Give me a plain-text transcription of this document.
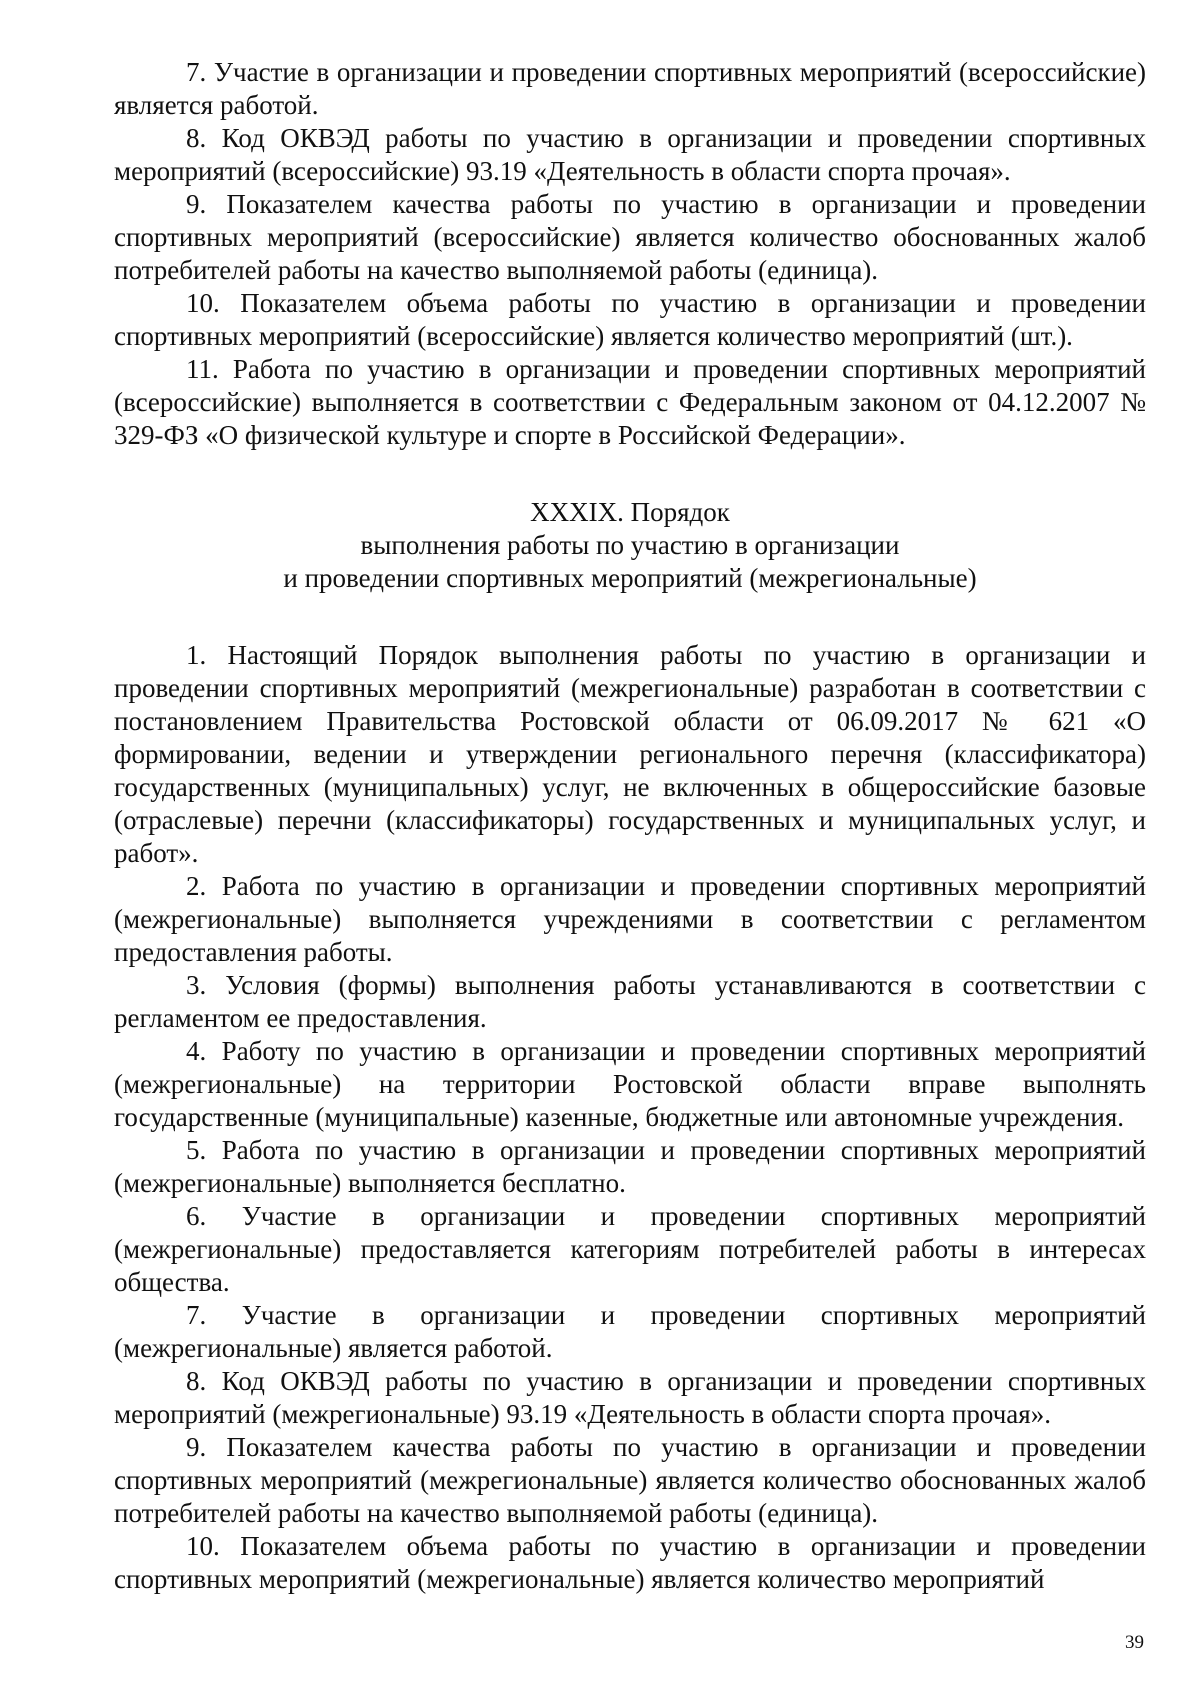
7. Участие в организации и проведении спортивных мероприятий (всероссийские) является работой.

8. Код ОКВЭД работы по участию в организации и проведении спортивных мероприятий (всероссийские) 93.19 «Деятельность в области спорта прочая».

9. Показателем качества работы по участию в организации и проведении спортивных мероприятий (всероссийские) является количество обоснованных жалоб потребителей работы на качество выполняемой работы (единица).

10. Показателем объема работы по участию в организации и проведении спортивных мероприятий (всероссийские) является количество мероприятий (шт.).

11. Работа по участию в организации и проведении спортивных мероприятий (всероссийские) выполняется в соответствии с Федеральным законом от 04.12.2007 № 329-ФЗ «О физической культуре и спорте в Российской Федерации».

XXXIX. Порядок
выполнения работы по участию в организации
и проведении спортивных мероприятий (межрегиональные)

1. Настоящий Порядок выполнения работы по участию в организации и проведении спортивных мероприятий (межрегиональные) разработан в соответствии с постановлением Правительства Ростовской области от 06.09.2017 № 621 «О формировании, ведении и утверждении регионального перечня (классификатора) государственных (муниципальных) услуг, не включенных в общероссийские базовые (отраслевые) перечни (классификаторы) государственных и муниципальных услуг, и работ».

2. Работа по участию в организации и проведении спортивных мероприятий (межрегиональные) выполняется учреждениями в соответствии с регламентом предоставления работы.

3. Условия (формы) выполнения работы устанавливаются в соответствии с регламентом ее предоставления.

4. Работу по участию в организации и проведении спортивных мероприятий (межрегиональные) на территории Ростовской области вправе выполнять государственные (муниципальные) казенные, бюджетные или автономные учреждения.

5. Работа по участию в организации и проведении спортивных мероприятий (межрегиональные) выполняется бесплатно.

6. Участие в организации и проведении спортивных мероприятий (межрегиональные) предоставляется категориям потребителей работы в интересах общества.

7. Участие в организации и проведении спортивных мероприятий (межрегиональные) является работой.

8. Код ОКВЭД работы по участию в организации и проведении спортивных мероприятий (межрегиональные) 93.19 «Деятельность в области спорта прочая».

9. Показателем качества работы по участию в организации и проведении спортивных мероприятий (межрегиональные) является количество обоснованных жалоб потребителей работы на качество выполняемой работы (единица).

10. Показателем объема работы по участию в организации и проведении спортивных мероприятий (межрегиональные) является количество мероприятий

39
